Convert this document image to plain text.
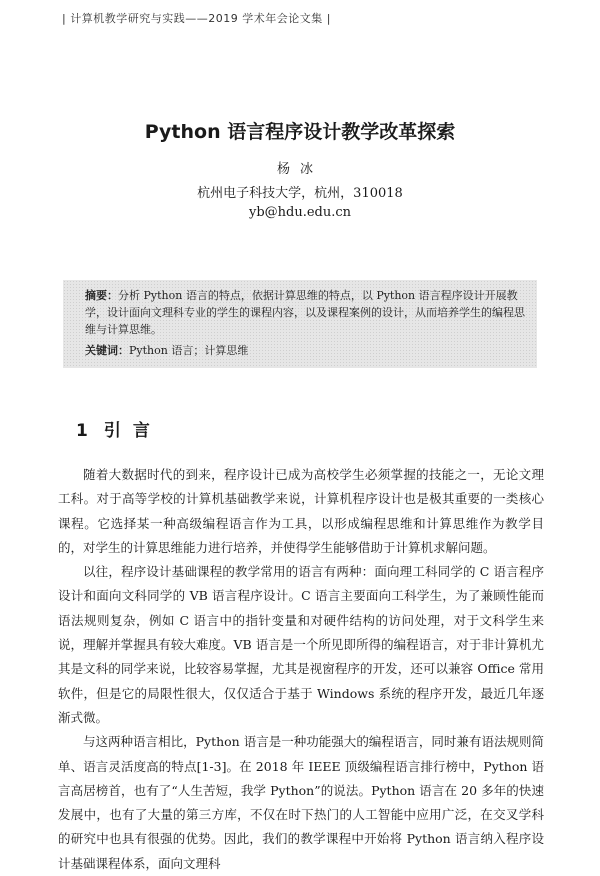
| 计算机教学研究与实践——2019 学术年会论文集 |
Python 语言程序设计教学改革探索
杨冰
杭州电子科技大学，杭州，310018
yb@hdu.edu.cn
摘要：分析 Python 语言的特点，依据计算思维的特点，以 Python 语言程序设计开展教学，设计面向文理科专业的学生的课程内容，以及课程案例的设计，从而培养学生的编程思维与计算思维。
关键词：Python 语言；计算思维
1 引言

随着大数据时代的到来，程序设计已成为高校学生必须掌握的技能之一，无论文理工科。对于高等学校的计算机基础教学来说，计算机程序设计也是极其重要的一类核心课程。它选择某一种高级编程语言作为工具，以形成编程思维和计算思维作为教学目的，对学生的计算思维能力进行培养，并使得学生能够借助于计算机求解问题。

以往，程序设计基础课程的教学常用的语言有两种：面向理工科同学的 C 语言程序设计和面向文科同学的 VB 语言程序设计。C 语言主要面向工科学生，为了兼顾性能而语法规则复杂，例如 C 语言中的指针变量和对硬件结构的访问处理，对于文科学生来说，理解并掌握具有较大难度。VB 语言是一个所见即所得的编程语言，对于非计算机尤其是文科的同学来说，比较容易掌握，尤其是视窗程序的开发，还可以兼容 Office 常用软件，但是它的局限性很大，仅仅适合于基于 Windows 系统的程序开发，最近几年逐渐式微。

与这两种语言相比，Python 语言是一种功能强大的编程语言，同时兼有语法规则简单、语言灵活度高的特点[1-3]。在 2018 年 IEEE 顶级编程语言排行榜中，Python 语言高居榜首，也有了“人生苦短，我学 Python”的说法。Python 语言在 20 多年的快速发展中，也有了大量的第三方库，不仅在时下热门的人工智能中应用广泛，在交叉学科的研究中也具有很强的优势。因此，我们的教学课程中开始将 Python 语言纳入程序设计基础课程体系，面向文理科
